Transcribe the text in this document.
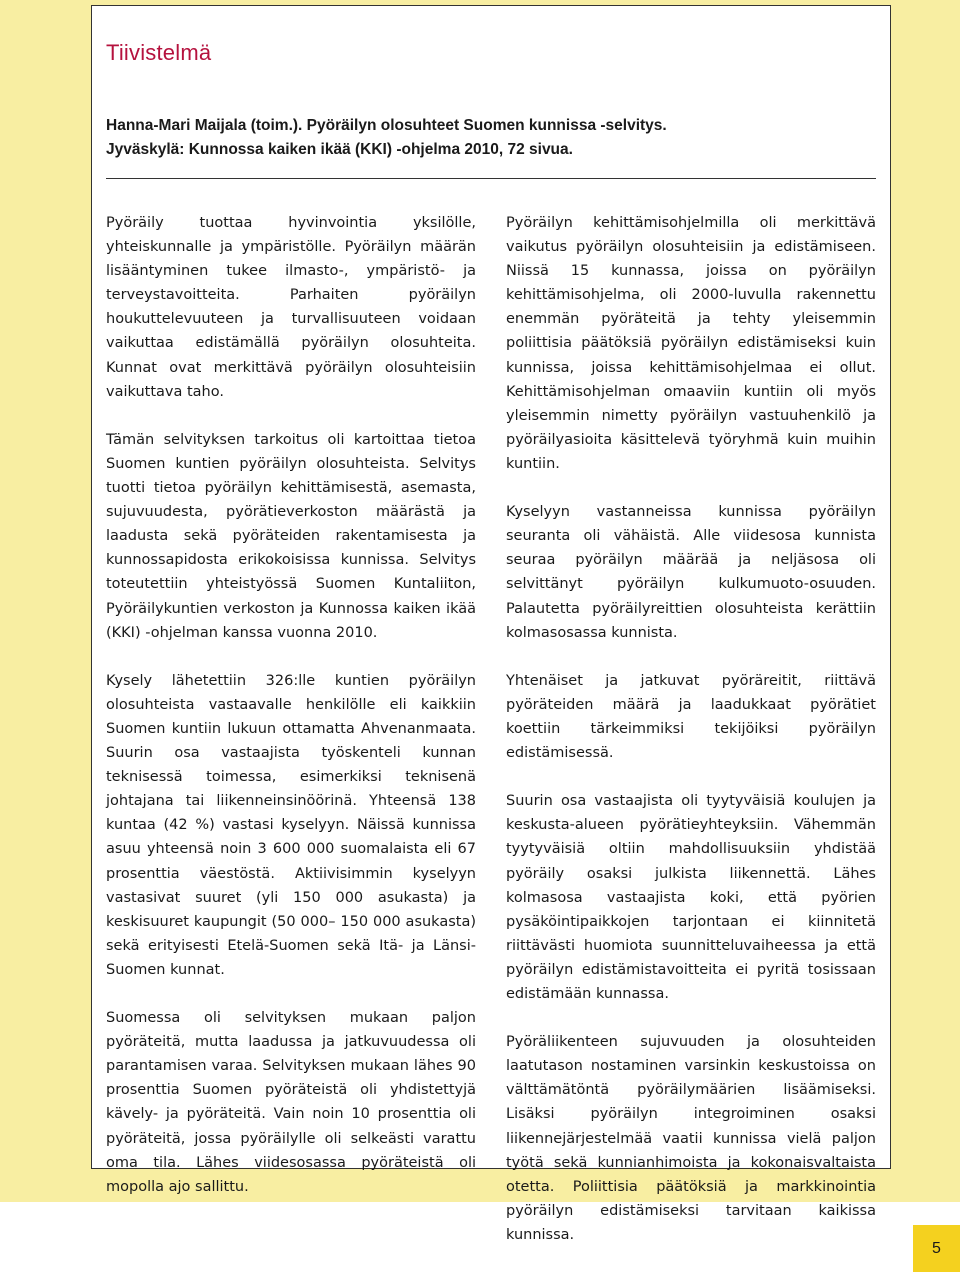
Tiivistelmä
Hanna-Mari Maijala (toim.). Pyöräilyn olosuhteet Suomen kunnissa -selvitys.
Jyväskylä: Kunnossa kaiken ikää (KKI) -ohjelma 2010, 72 sivua.

Pyöräily tuottaa hyvinvointia yksilölle, yhteiskunnalle ja ympäristölle. Pyöräilyn määrän lisääntyminen tukee ilmasto-, ympäristö- ja terveystavoitteita. Parhaiten pyöräilyn houkuttelevuuteen ja turvallisuuteen voidaan vaikuttaa edistämällä pyöräilyn olosuhteita. Kunnat ovat merkittävä pyöräilyn olosuhteisiin vaikuttava taho.

Tämän selvityksen tarkoitus oli kartoittaa tietoa Suomen kuntien pyöräilyn olosuhteista. Selvitys tuotti tietoa pyöräilyn kehittämisestä, asemasta, sujuvuudesta, pyörätieverkoston määrästä ja laadusta sekä pyöräteiden rakentamisesta ja kunnossapidosta erikokoisissa kunnissa. Selvitys toteutettiin yhteistyössä Suomen Kuntaliiton, Pyöräilykuntien verkoston ja Kunnossa kaiken ikää (KKI) -ohjelman kanssa vuonna 2010.

Kysely lähetettiin 326:lle kuntien pyöräilyn olosuhteista vastaavalle henkilölle eli kaikkiin Suomen kuntiin lukuun ottamatta Ahvenanmaata. Suurin osa vastaajista työskenteli kunnan teknisessä toimessa, esimerkiksi teknisenä johtajana tai liikenneinsinöörinä. Yhteensä 138 kuntaa (42 %) vastasi kyselyyn. Näissä kunnissa asuu yhteensä noin 3 600 000 suomalaista eli 67 prosenttia väestöstä. Aktiivisimmin kyselyyn vastasivat suuret (yli 150 000 asukasta) ja keskisuuret kaupungit (50 000– 150 000 asukasta) sekä erityisesti Etelä-Suomen sekä Itä- ja Länsi-Suomen kunnat.

Suomessa oli selvityksen mukaan paljon pyöräteitä, mutta laadussa ja jatkuvuudessa oli parantamisen varaa. Selvityksen mukaan lähes 90 prosenttia Suomen pyöräteistä oli yhdistettyjä kävely- ja pyöräteitä. Vain noin 10 prosenttia oli pyöräteitä, jossa pyöräilylle oli selkeästi varattu oma tila. Lähes viidesosassa pyöräteistä oli mopolla ajo sallittu.

Pyöräilyn kehittämisohjelmilla oli merkittävä vaikutus pyöräilyn olosuhteisiin ja edistämiseen. Niissä 15 kunnassa, joissa on pyöräilyn kehittämisohjelma, oli 2000-luvulla rakennettu enemmän pyöräteitä ja tehty yleisemmin poliittisia päätöksiä pyöräilyn edistämiseksi kuin kunnissa, joissa kehittämisohjelmaa ei ollut. Kehittämisohjelman omaaviin kuntiin oli myös yleisemmin nimetty pyöräilyn vastuuhenkilö ja pyöräilyasioita käsittelevä työryhmä kuin muihin kuntiin.

Kyselyyn vastanneissa kunnissa pyöräilyn seuranta oli vähäistä. Alle viidesosa kunnista seuraa pyöräilyn määrää ja neljäsosa oli selvittänyt pyöräilyn kulkumuoto-osuuden. Palautetta pyöräilyreittien olosuhteista kerättiin kolmasosassa kunnista.

Yhtenäiset ja jatkuvat pyöräreitit, riittävä pyöräteiden määrä ja laadukkaat pyörätiet koettiin tärkeimmiksi tekijöiksi pyöräilyn edistämisessä.

Suurin osa vastaajista oli tyytyväisiä koulujen ja keskusta-alueen pyörätieyhteyksiin. Vähemmän tyytyväisiä oltiin mahdollisuuksiin yhdistää pyöräily osaksi julkista liikennettä. Lähes kolmasosa vastaajista koki, että pyörien pysäköintipaikkojen tarjontaan ei kiinnitetä riittävästi huomiota suunnitteluvaiheessa ja että pyöräilyn edistämistavoitteita ei pyritä tosissaan edistämään kunnassa.

Pyöräliikenteen sujuvuuden ja olosuhteiden laatutason nostaminen varsinkin keskustoissa on välttämätöntä pyöräilymäärien lisäämiseksi. Lisäksi pyöräilyn integroiminen osaksi liikennejärjestelmää vaatii kunnissa vielä paljon työtä sekä kunnianhimoista ja kokonaisvaltaista otetta. Poliittisia päätöksiä ja markkinointia pyöräilyn edistämiseksi tarvitaan kaikissa kunnissa.

5
